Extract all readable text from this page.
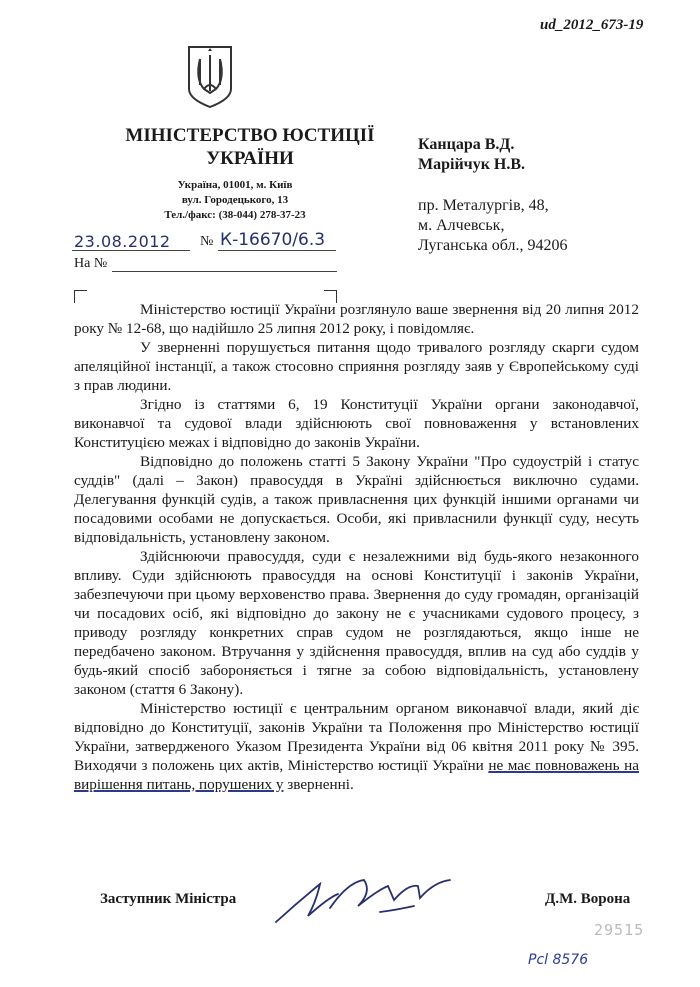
ud_2012_673-19
МІНІСТЕРСТВО ЮСТИЦІЇ
УКРАЇНИ
Україна, 01001, м. Київ
вул. Городецького, 13
Тел./факс: (38-044) 278-37-23
Канцара В.Д.
Марійчук Н.В.
пр. Металургів, 48,
м. Алчевськ,
Луганська обл., 94206
23.08.2012 № К-16670/6.3
На №

Міністерство юстиції України розглянуло ваше звернення від 20 липня 2012 року № 12-68, що надійшло 25 липня 2012 року, і повідомляє.

У зверненні порушується питання щодо тривалого розгляду скарги судом апеляційної інстанції, а також стосовно сприяння розгляду заяв у Європейському суді з прав людини.

Згідно із статтями 6, 19 Конституції України органи законодавчої, виконавчої та судової влади здійснюють свої повноваження у встановлених Конституцією межах і відповідно до законів України.

Відповідно до положень статті 5 Закону України "Про судоустрій і статус суддів" (далі – Закон) правосуддя в Україні здійснюється виключно судами. Делегування функцій судів, а також привласнення цих функцій іншими органами чи посадовими особами не допускається. Особи, які привласнили функції суду, несуть відповідальність, установлену законом.

Здійснюючи правосуддя, суди є незалежними від будь-якого незаконного впливу. Суди здійснюють правосуддя на основі Конституції і законів України, забезпечуючи при цьому верховенство права. Звернення до суду громадян, організацій чи посадових осіб, які відповідно до закону не є учасниками судового процесу, з приводу розгляду конкретних справ судом не розглядаються, якщо інше не передбачено законом. Втручання у здійснення правосуддя, вплив на суд або суддів у будь-який спосіб забороняється і тягне за собою відповідальність, установлену законом (стаття 6 Закону).

Міністерство юстиції є центральним органом виконавчої влади, який діє відповідно до Конституції, законів України та Положення про Міністерство юстиції України, затвердженого Указом Президента України від 06 квітня 2011 року № 395. Виходячи з положень цих актів, Міністерство юстиції України не має повноважень на вирішення питань, порушених у зверненні.

Заступник Міністра	Д.М. Ворона
29515
Pcl 8576
